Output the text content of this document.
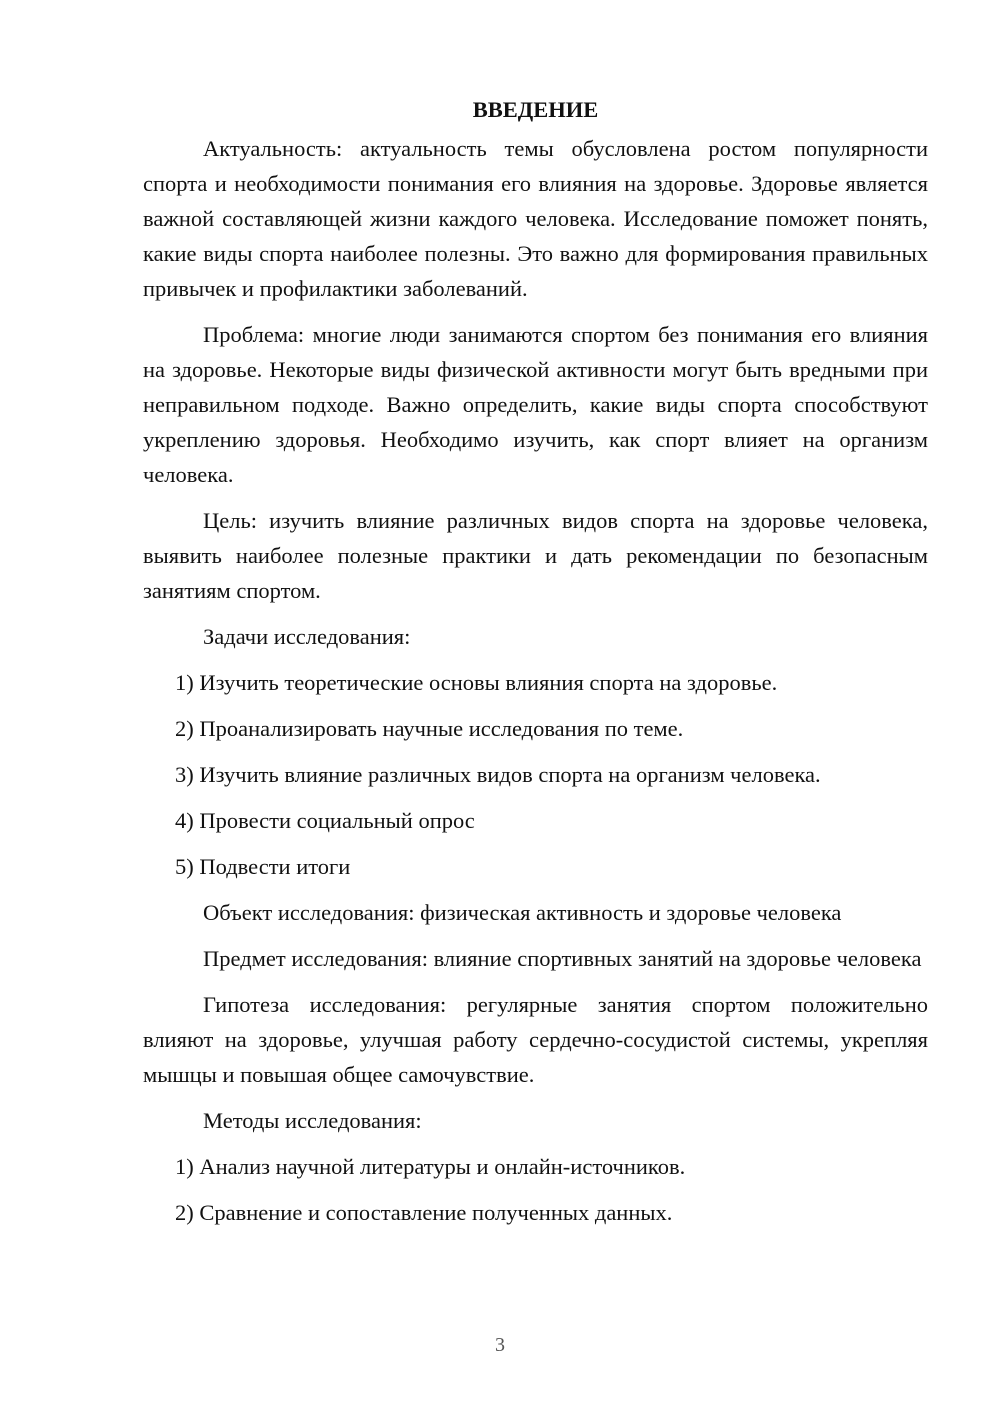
ВВЕДЕНИЕ

Актуальность: актуальность темы обусловлена ростом популярности спорта и необходимости понимания его влияния на здоровье. Здоровье является важной составляющей жизни каждого человека. Исследование поможет понять, какие виды спорта наиболее полезны. Это важно для формирования правильных привычек и профилактики заболеваний.

Проблема: многие люди занимаются спортом без понимания его влияния на здоровье. Некоторые виды физической активности могут быть вредными при неправильном подходе. Важно определить, какие виды спорта способствуют укреплению здоровья. Необходимо изучить, как спорт влияет на организм человека.

Цель: изучить влияние различных видов спорта на здоровье человека, выявить наиболее полезные практики и дать рекомендации по безопасным занятиям спортом.

Задачи исследования:

1) Изучить теоретические основы влияния спорта на здоровье.
2) Проанализировать научные исследования по теме.
3) Изучить влияние различных видов спорта на организм человека.
4) Провести социальный опрос
5) Подвести итоги

Объект исследования: физическая активность и здоровье человека

Предмет исследования: влияние спортивных занятий на здоровье человека

Гипотеза исследования: регулярные занятия спортом положительно влияют на здоровье, улучшая работу сердечно-сосудистой системы, укрепляя мышцы и повышая общее самочувствие.

Методы исследования:

1) Анализ научной литературы и онлайн-источников.
2) Сравнение и сопоставление полученных данных.
3
